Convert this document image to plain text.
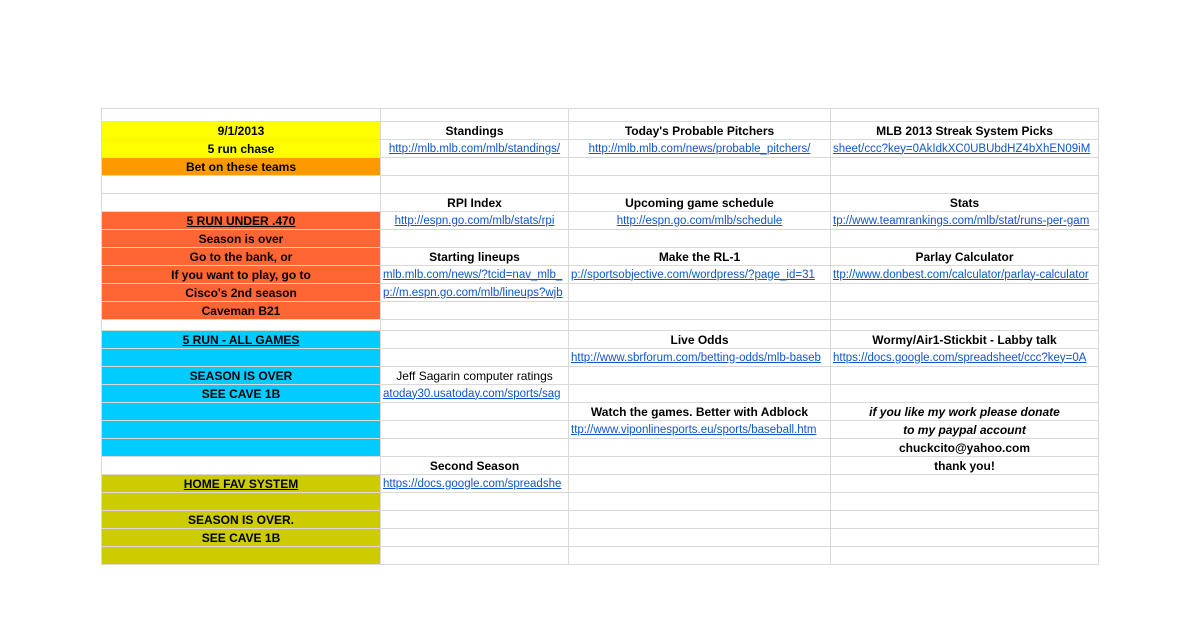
9/1/2013	Standings	Today's Probable Pitchers	MLB 2013 Streak System Picks
5 run chase	http://mlb.mlb.com/mlb/standings/	http://mlb.mlb.com/news/probable_pitchers/	sheet/ccc?key=0AkIdkXC0UBUbdHZ4bXhEN09iM
Bet on these teams			

	RPI Index	Upcoming game schedule	Stats
5 RUN UNDER .470	http://espn.go.com/mlb/stats/rpi	http://espn.go.com/mlb/schedule	tp://www.teamrankings.com/mlb/stat/runs-per-gam
Season is over			
Go to the bank, or	Starting lineups	Make the RL-1	Parlay Calculator
If you want to play, go to	mlb.mlb.com/news/?tcid=nav_mlb_	p://sportsobjective.com/wordpress/?page_id=31	ttp://www.donbest.com/calculator/parlay-calculator
Cisco's 2nd season	p://m.espn.go.com/mlb/lineups?wjb		
Caveman B21			

5 RUN - ALL GAMES		Live Odds	Wormy/Air1-Stickbit - Labby talk
		http://www.sbrforum.com/betting-odds/mlb-baseb	https://docs.google.com/spreadsheet/ccc?key=0A
SEASON IS OVER	Jeff Sagarin computer ratings		
SEE CAVE 1B	atoday30.usatoday.com/sports/sag		
		Watch the games. Better with Adblock	if you like my work please donate
		ttp://www.viponlinesports.eu/sports/baseball.htm	to my paypal account
			chuckcito@yahoo.com
	Second Season		thank you!
HOME FAV SYSTEM	https://docs.google.com/spreadshe		

SEASON IS OVER.			
SEE CAVE 1B			
